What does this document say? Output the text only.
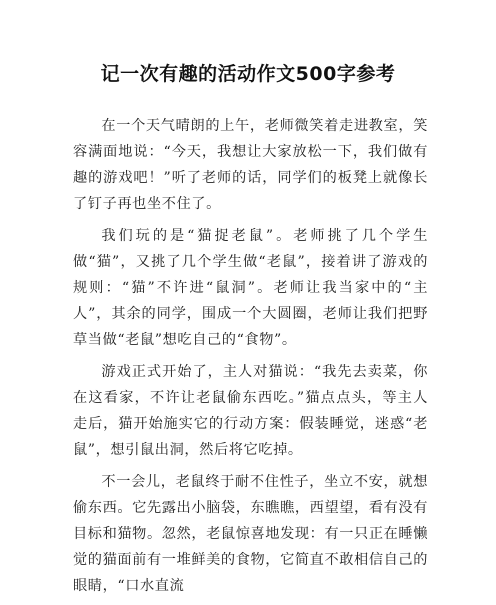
记一次有趣的活动作文500字参考

在一个天气晴朗的上午，老师微笑着走进教室，笑容满面地说：“今天，我想让大家放松一下，我们做有趣的游戏吧！”听了老师的话，同学们的板凳上就像长了钉子再也坐不住了。

我们玩的是“猫捉老鼠”。老师挑了几个学生做“猫”，又挑了几个学生做“老鼠”，接着讲了游戏的规则：“猫”不许进“鼠洞”。老师让我当家中的“主人”，其余的同学，围成一个大圆圈，老师让我们把野草当做“老鼠”想吃自己的“食物”。

游戏正式开始了，主人对猫说：“我先去卖菜，你在这看家，不许让老鼠偷东西吃。”猫点点头，等主人走后，猫开始施实它的行动方案：假装睡觉，迷惑“老鼠”，想引鼠出洞，然后将它吃掉。

不一会儿，老鼠终于耐不住性子，坐立不安，就想偷东西。它先露出小脑袋，东瞧瞧，西望望，看有没有目标和猫物。忽然，老鼠惊喜地发现：有一只正在睡懒觉的猫面前有一堆鲜美的食物，它简直不敢相信自己的眼睛，“口水直流
